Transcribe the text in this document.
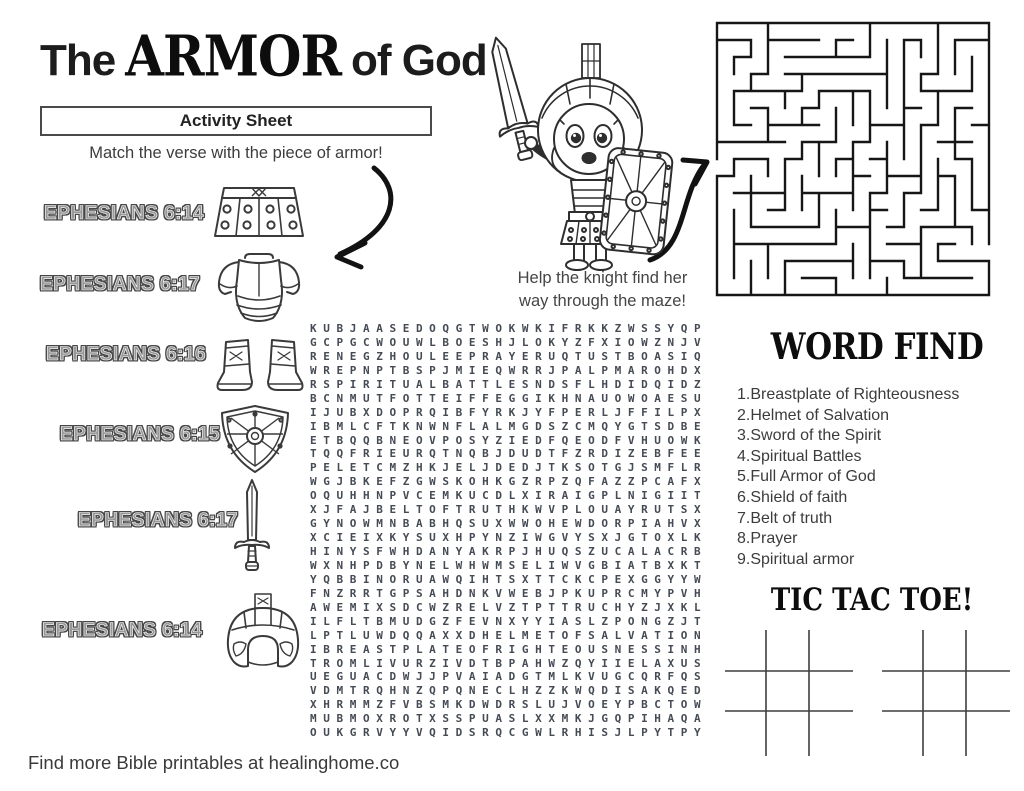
The ARMOR of God
Activity Sheet
Match the verse with the piece of armor!
EPHESIANS 6:14
EPHESIANS 6:17
EPHESIANS 6:16
EPHESIANS 6:15
EPHESIANS 6:17
EPHESIANS 6:14
Help the knight find her
way through the maze!
KUBJAASEDOQGTWOKWKIFRKKZWSSYQP
GCPGCWOUWLBOESHJLOKYZFXIOWZNJV
RENEGZHOULEEPRAYERUQTUSTBOASIQ
WREPNPTBSPJMIEQWRRJPALPMAROHDX
RSPIRITUALBATTLESNDSFLHDIDQIDZ
BCNMUTFOTTEIFFEGGIKHNAUOWOAESU
IJUBXDOPRQIBFYRKJYFPERLJFFILPX
IBMLCFTKNWNFLALMGDSZCMQYGTSDBE
ETBQQBNEOVPOSYZIEDFQEODFVHUOWK
TQQFRIEURQTNQBJDUDTFZRDIZEBFEE
PELETCMZHKJELJDEDJTKSOTGJSMFLR
WGJBKEFZGWSKOHKGZRPZQFAZZPCAFX
OQUHHNPVCEMKUCDLXIRAIGPLNIGIIT
XJFAJBELTOFTRUTHKWVPLOUAYRUTSX
GYNOWMNBABHQSUXWWOHEWDORPIAHVX
XCIEIXKYSUXHPYNZIWGVYSXJGTOXLK
HINYSFWHDANYAKRPJHUQSZUCALACRB
WXNHPDBYNELWHWMSELIWVGBIATBXKT
YQBBINORUAWQIHTSXTTCKCPEXGGYYW
FNZRRTGPSAHDNKVWEBJPKUPRCMYPVH
AWEMIXSDCWZRELVZTPTTRUCHYZJXKL
ILFLTBMUDGZFEVNXYYIASLZPONGZJT
LPTLUWDQQAXXDHELMETOFSALVATION
IBREASTPLATEOFRIGHTEOUSNESSINH
TROMLIVURZIVDTBPAHWZQYIIELAXUS
UEGUACDWJJPVAIADGTMLKVUGCQRFQS
VDMTRQHNZQPQNECLHZZKWQDISAKQED
XHRMMZFVBSMKDWDRSLUJVOEYPBCTOW
MUBMOXROTXSSPUASLXXMKJGQPIHAQA
OUKGRVYYVQIDSRQCGWLRHISJLPYTPY
WORD FIND
1.Breastplate of Righteousness
2.Helmet of Salvation
3.Sword of the Spirit
4.Spiritual Battles
5.Full Armor of God
6.Shield of faith
7.Belt of truth
8.Prayer
9.Spiritual armor
TIC TAC TOE!
Find more Bible printables at healinghome.co
